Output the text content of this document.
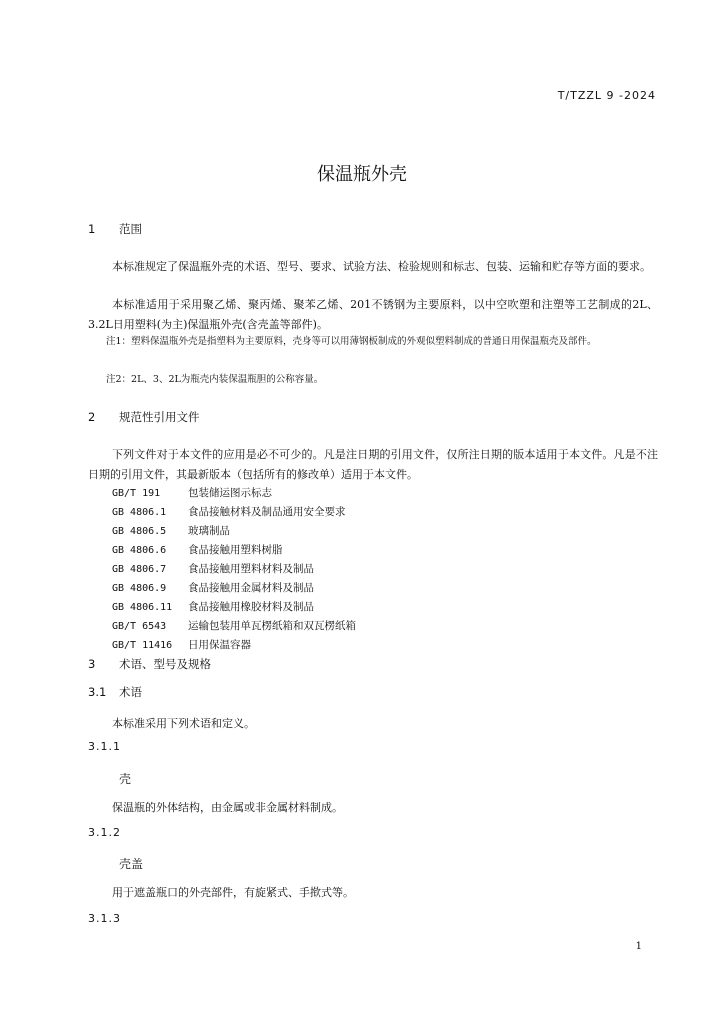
T/TZZL 9 -2024
保温瓶外壳
1 范围
本标准规定了保温瓶外壳的术语、型号、要求、试验方法、检验规则和标志、包装、运输和贮存等方面的要求。
本标准适用于采用聚乙烯、聚丙烯、聚苯乙烯、201不锈钢为主要原料，以中空吹塑和注塑等工艺制成的2L、3.2L日用塑料(为主)保温瓶外壳(含壳盖等部件)。
注1：塑料保温瓶外壳是指塑料为主要原料，壳身等可以用薄钢板制成的外观似塑料制成的普通日用保温瓶壳及部件。
注2：2L、3、2L为瓶壳内装保温瓶胆的公称容量。
2 规范性引用文件
下列文件对于本文件的应用是必不可少的。凡是注日期的引用文件，仅所注日期的版本适用于本文件。凡是不注日期的引用文件，其最新版本（包括所有的修改单）适用于本文件。
GB/T 191	包装储运图示标志
GB 4806.1 食品接触材料及制品通用安全要求
GB 4806.5 玻璃制品
GB 4806.6 食品接触用塑料树脂
GB 4806.7 食品接触用塑料材料及制品
GB 4806.9 食品接触用金属材料及制品
GB 4806.11 食品接触用橡胶材料及制品
GB/T 6543 运输包装用单瓦楞纸箱和双瓦楞纸箱
GB/T 11416 日用保温容器
3 术语、型号及规格
3.1 术语
本标准采用下列术语和定义。
3.1.1
壳
保温瓶的外体结构，由金属或非金属材料制成。
3.1.2
壳盖
用于遮盖瓶口的外壳部件，有旋紧式、手揿式等。
3.1.3
1
